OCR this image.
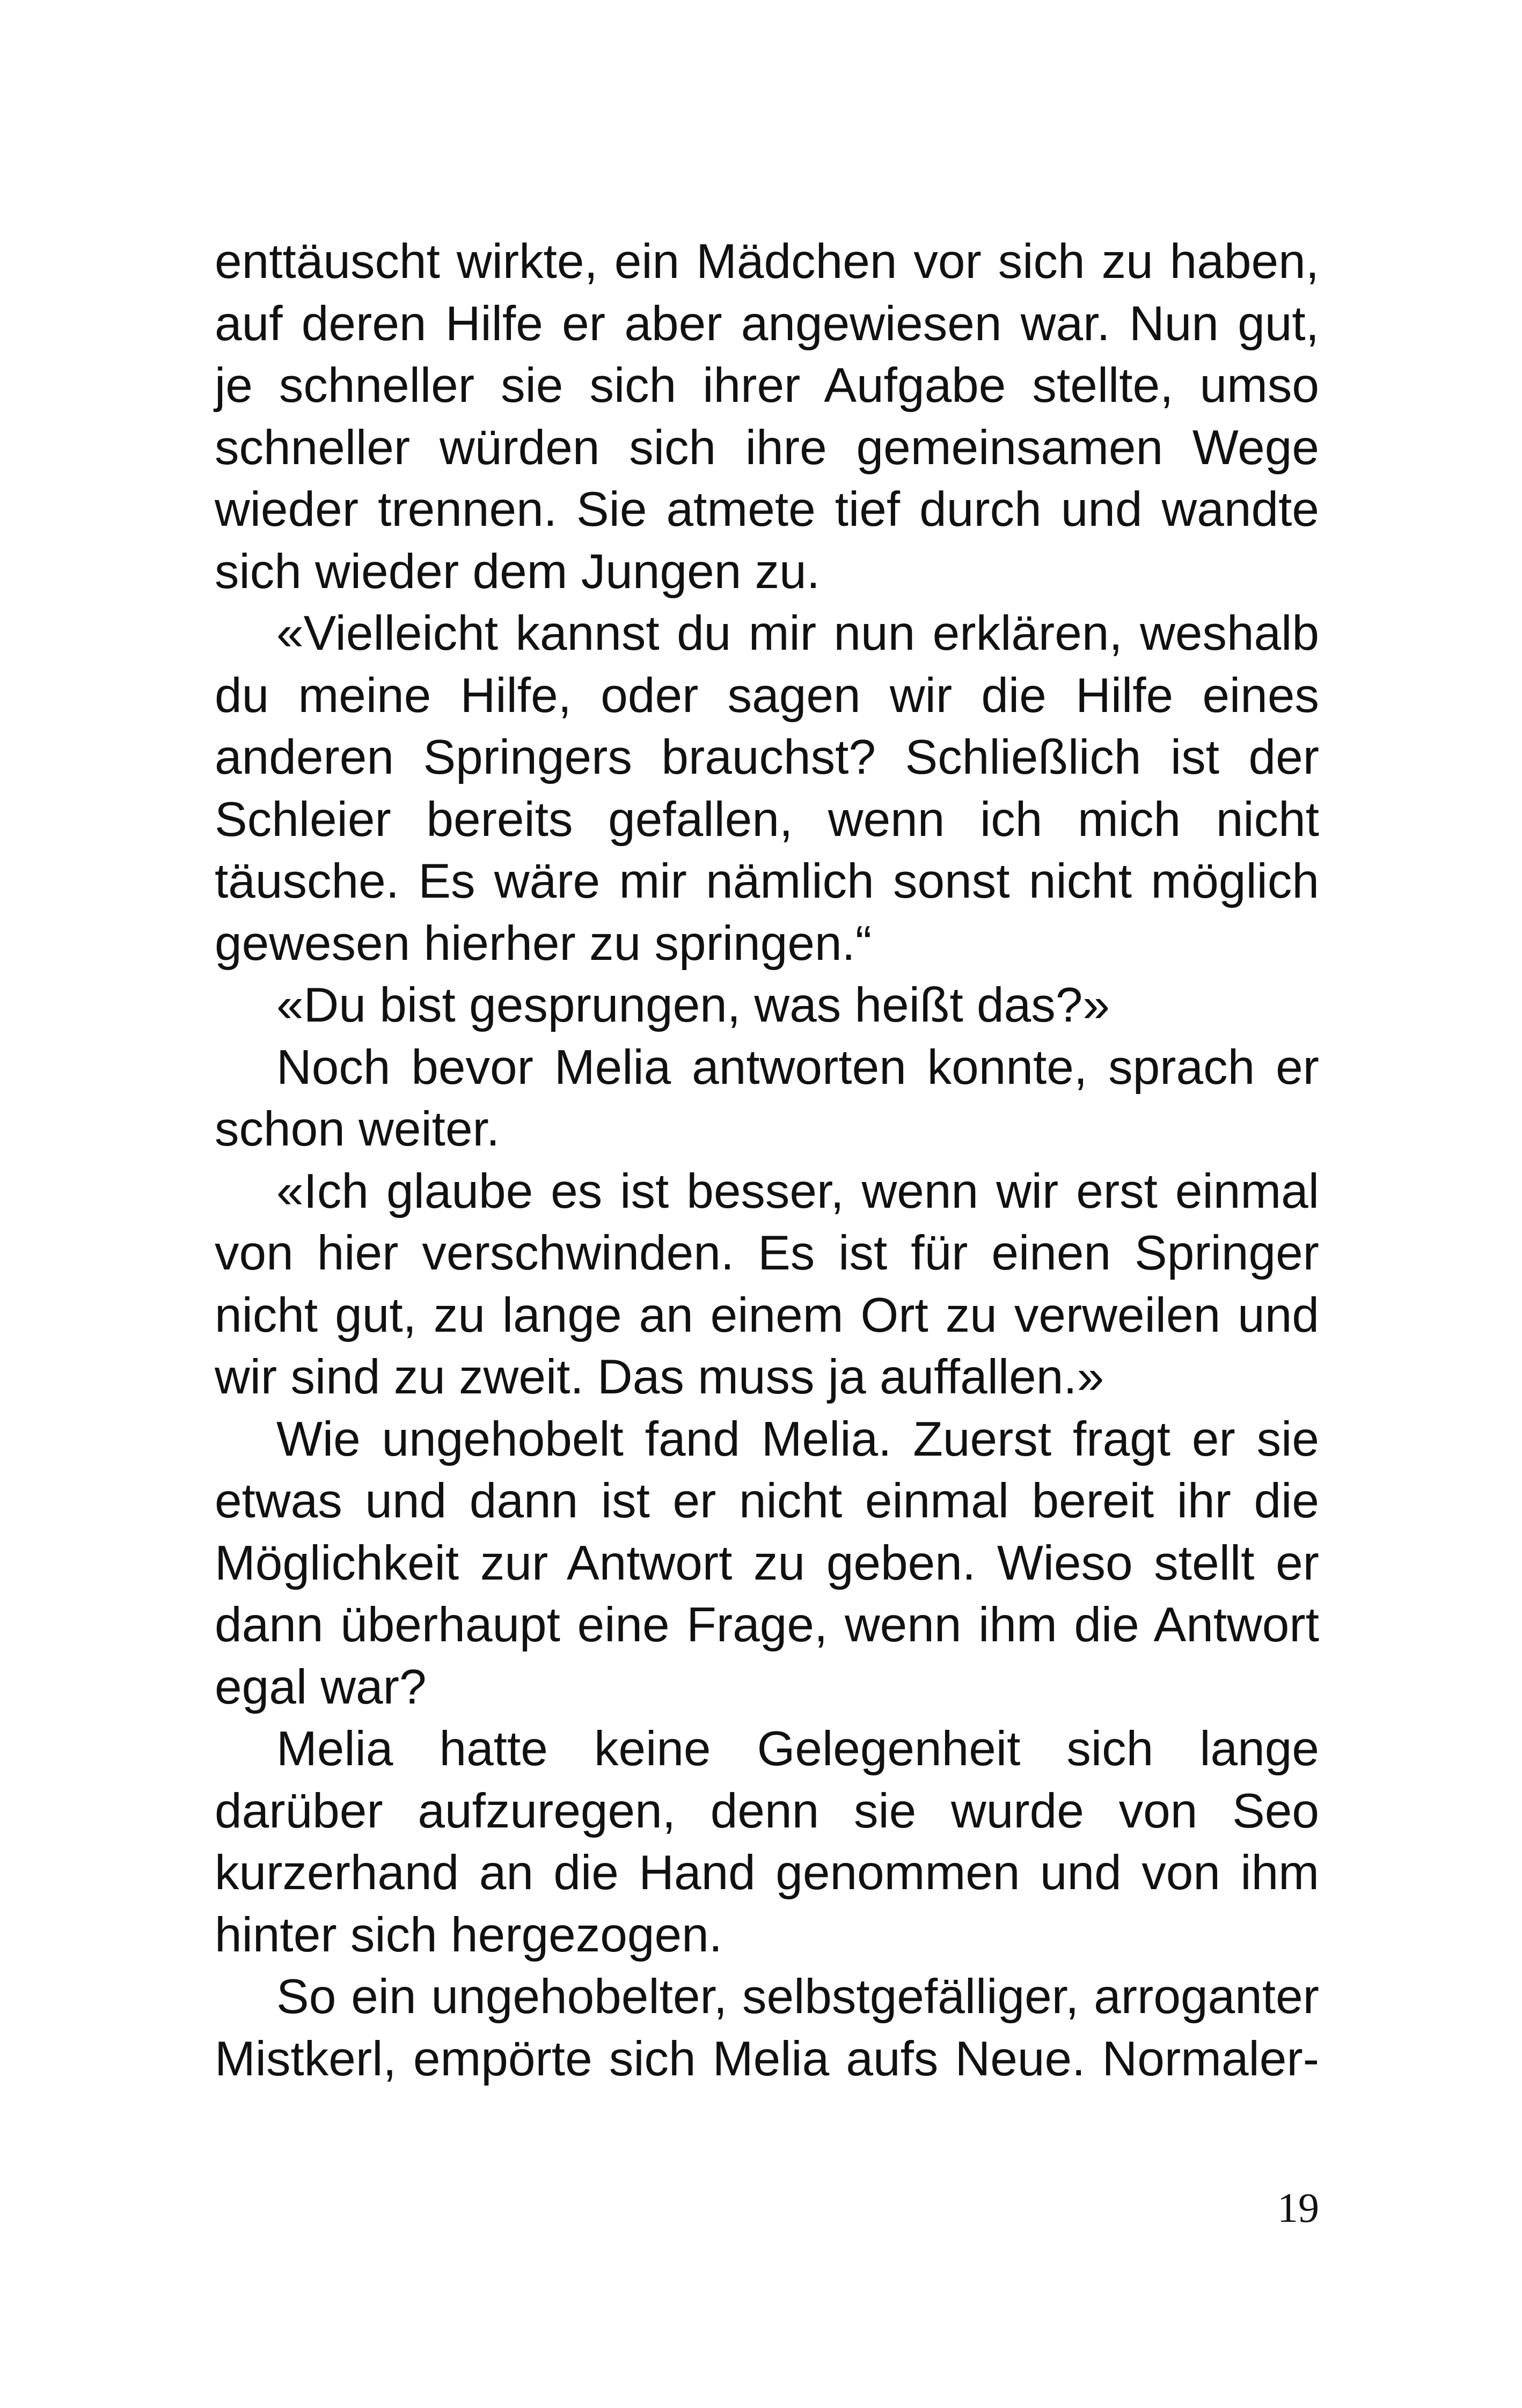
enttäuscht wirkte, ein Mädchen vor sich zu haben, auf deren Hilfe er aber angewiesen war. Nun gut, je schneller sie sich ihrer Aufgabe stellte, umso schneller würden sich ihre gemeinsamen Wege wieder trennen. Sie atmete tief durch und wandte sich wieder dem Jungen zu.

«Vielleicht kannst du mir nun erklären, weshalb du meine Hilfe, oder sagen wir die Hilfe eines anderen Springers brauchst? Schließlich ist der Schleier bereits gefallen, wenn ich mich nicht täusche. Es wäre mir nämlich sonst nicht möglich gewesen hierher zu springen.“

«Du bist gesprungen, was heißt das?»

Noch bevor Melia antworten konnte, sprach er schon weiter.

«Ich glaube es ist besser, wenn wir erst einmal von hier verschwinden. Es ist für einen Springer nicht gut, zu lange an einem Ort zu verweilen und wir sind zu zweit. Das muss ja auffallen.»

Wie ungehobelt fand Melia. Zuerst fragt er sie etwas und dann ist er nicht einmal bereit ihr die Möglichkeit zur Antwort zu geben. Wieso stellt er dann überhaupt eine Frage, wenn ihm die Antwort egal war?

Melia hatte keine Gelegenheit sich lange darüber aufzuregen, denn sie wurde von Seo kurzerhand an die Hand genommen und von ihm hinter sich hergezogen.

So ein ungehobelter, selbstgefälliger, arroganter Mistkerl, empörte sich Melia aufs Neue. Normaler-

19
